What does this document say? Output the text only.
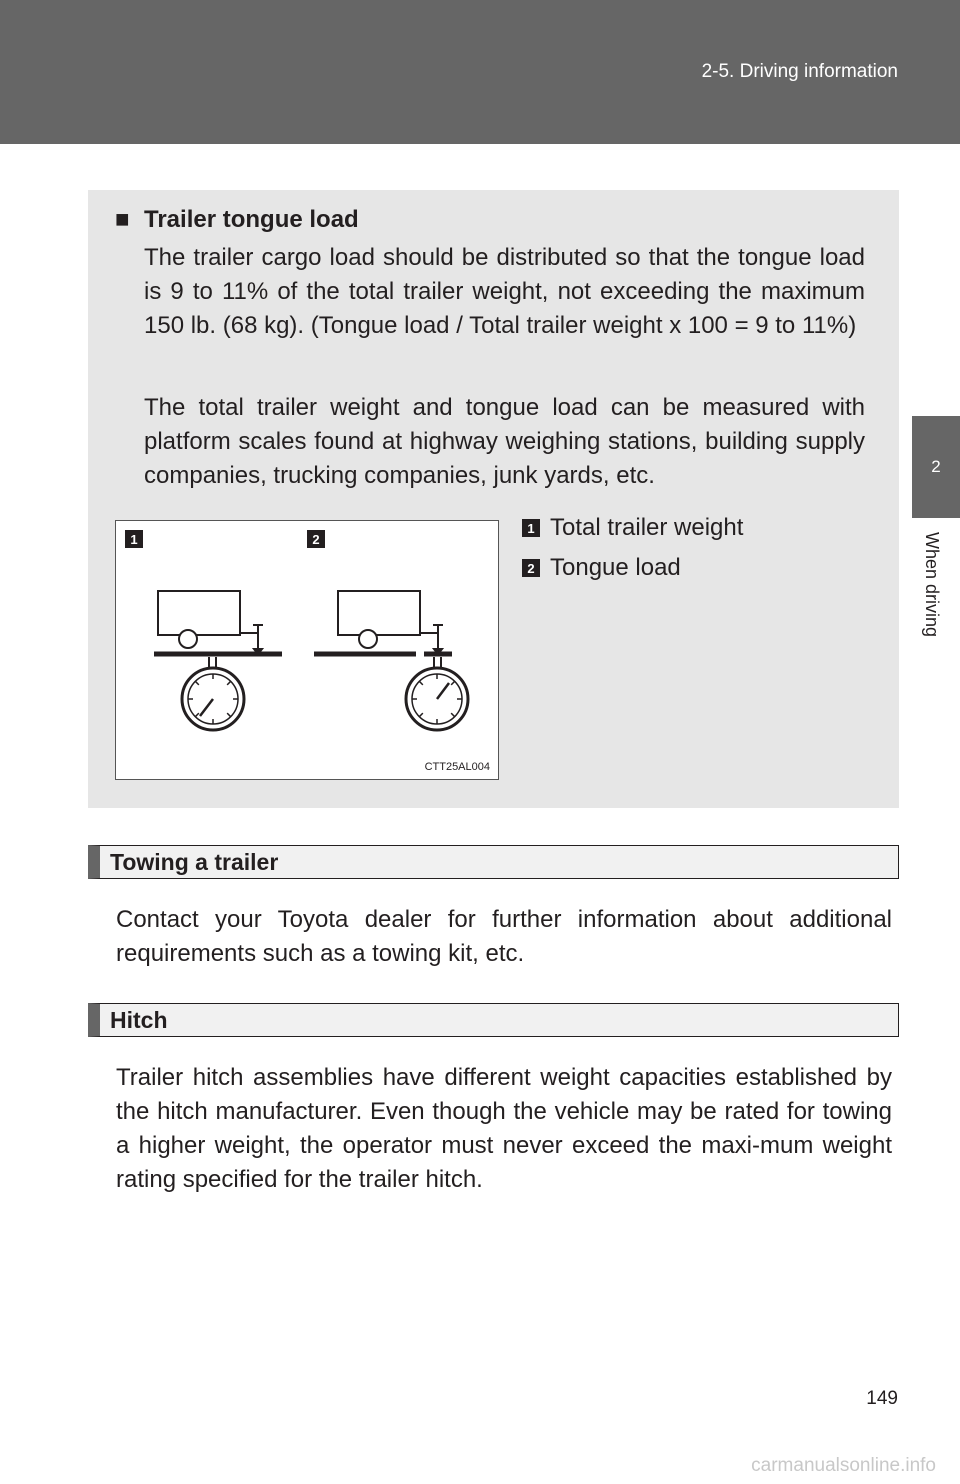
2-5. Driving information
2
When driving
■ Trailer tongue load

The trailer cargo load should be distributed so that the tongue load is 9 to 11% of the total trailer weight, not exceeding the maximum 150 lb. (68 kg). (Tongue load / Total trailer weight x 100 = 9 to 11%)

The total trailer weight and tongue load can be measured with platform scales found at highway weighing stations, building supply companies, trucking companies, junk yards, etc.

1	2
CTT25AL004
1 Total trailer weight
2 Tongue load
Towing a trailer

Contact your Toyota dealer for further information about additional requirements such as a towing kit, etc.

Hitch

Trailer hitch assemblies have different weight capacities established by the hitch manufacturer. Even though the vehicle may be rated for towing a higher weight, the operator must never exceed the maxi-mum weight rating specified for the trailer hitch.

149
carmanualsonline.info
